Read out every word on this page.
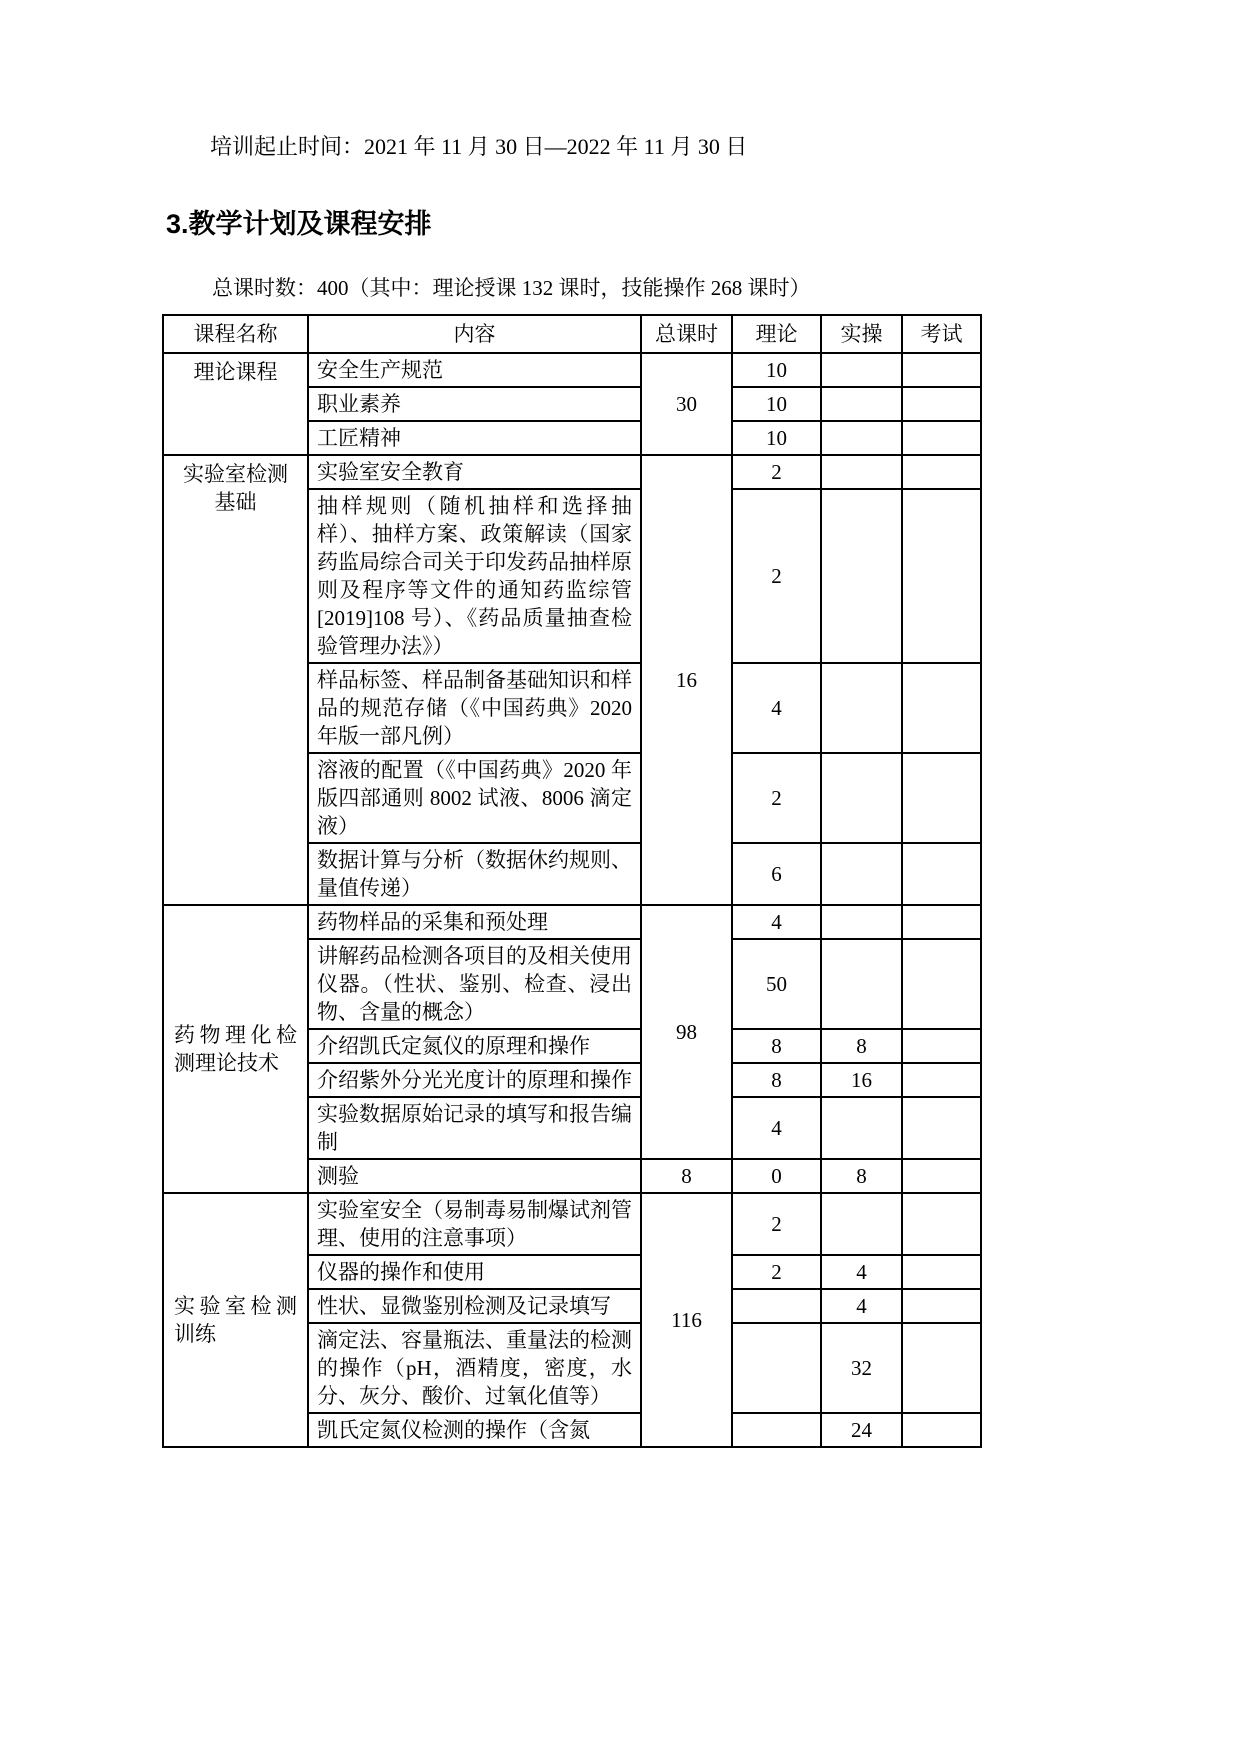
培训起止时间：2021 年 11 月 30 日—2022 年 11 月 30 日

3.教学计划及课程安排

总课时数：400（其中：理论授课 132 课时，技能操作 268 课时）

课程名称	内容	总课时	理论	实操	考试
理论课程	安全生产规范	30	10		
	职业素养		10		
	工匠精神		10		
实验室检测基础	实验室安全教育	16	2		
	抽样规则（随机抽样和选择抽样）、抽样方案、政策解读（国家药监局综合司关于印发药品抽样原则及程序等文件的通知药监综管[2019]108 号）、《药品质量抽查检验管理办法》）		2		
	样品标签、样品制备基础知识和样品的规范存储（《中国药典》2020 年版一部凡例）		4		
	溶液的配置（《中国药典》2020 年版四部通则 8002 试液、8006 滴定液）		2		
	数据计算与分析（数据休约规则、量值传递）		6		
药物理化检测理论技术	药物样品的采集和预处理	98	4		
	讲解药品检测各项目的及相关使用仪器。（性状、鉴别、检查、浸出物、含量的概念）		50		
	介绍凯氏定氮仪的原理和操作		8	8	
	介绍紫外分光光度计的原理和操作		8	16	
	实验数据原始记录的填写和报告编制		4		
	测验	8	0	8	
实验室检测训练	实验室安全（易制毒易制爆试剂管理、使用的注意事项）	116	2		
	仪器的操作和使用		2	4	
	性状、显微鉴别检测及记录填写			4	
	滴定法、容量瓶法、重量法的检测的操作（pH，酒精度，密度，水分、灰分、酸价、过氧化值等）			32	
	凯氏定氮仪检测的操作（含氮			24	
